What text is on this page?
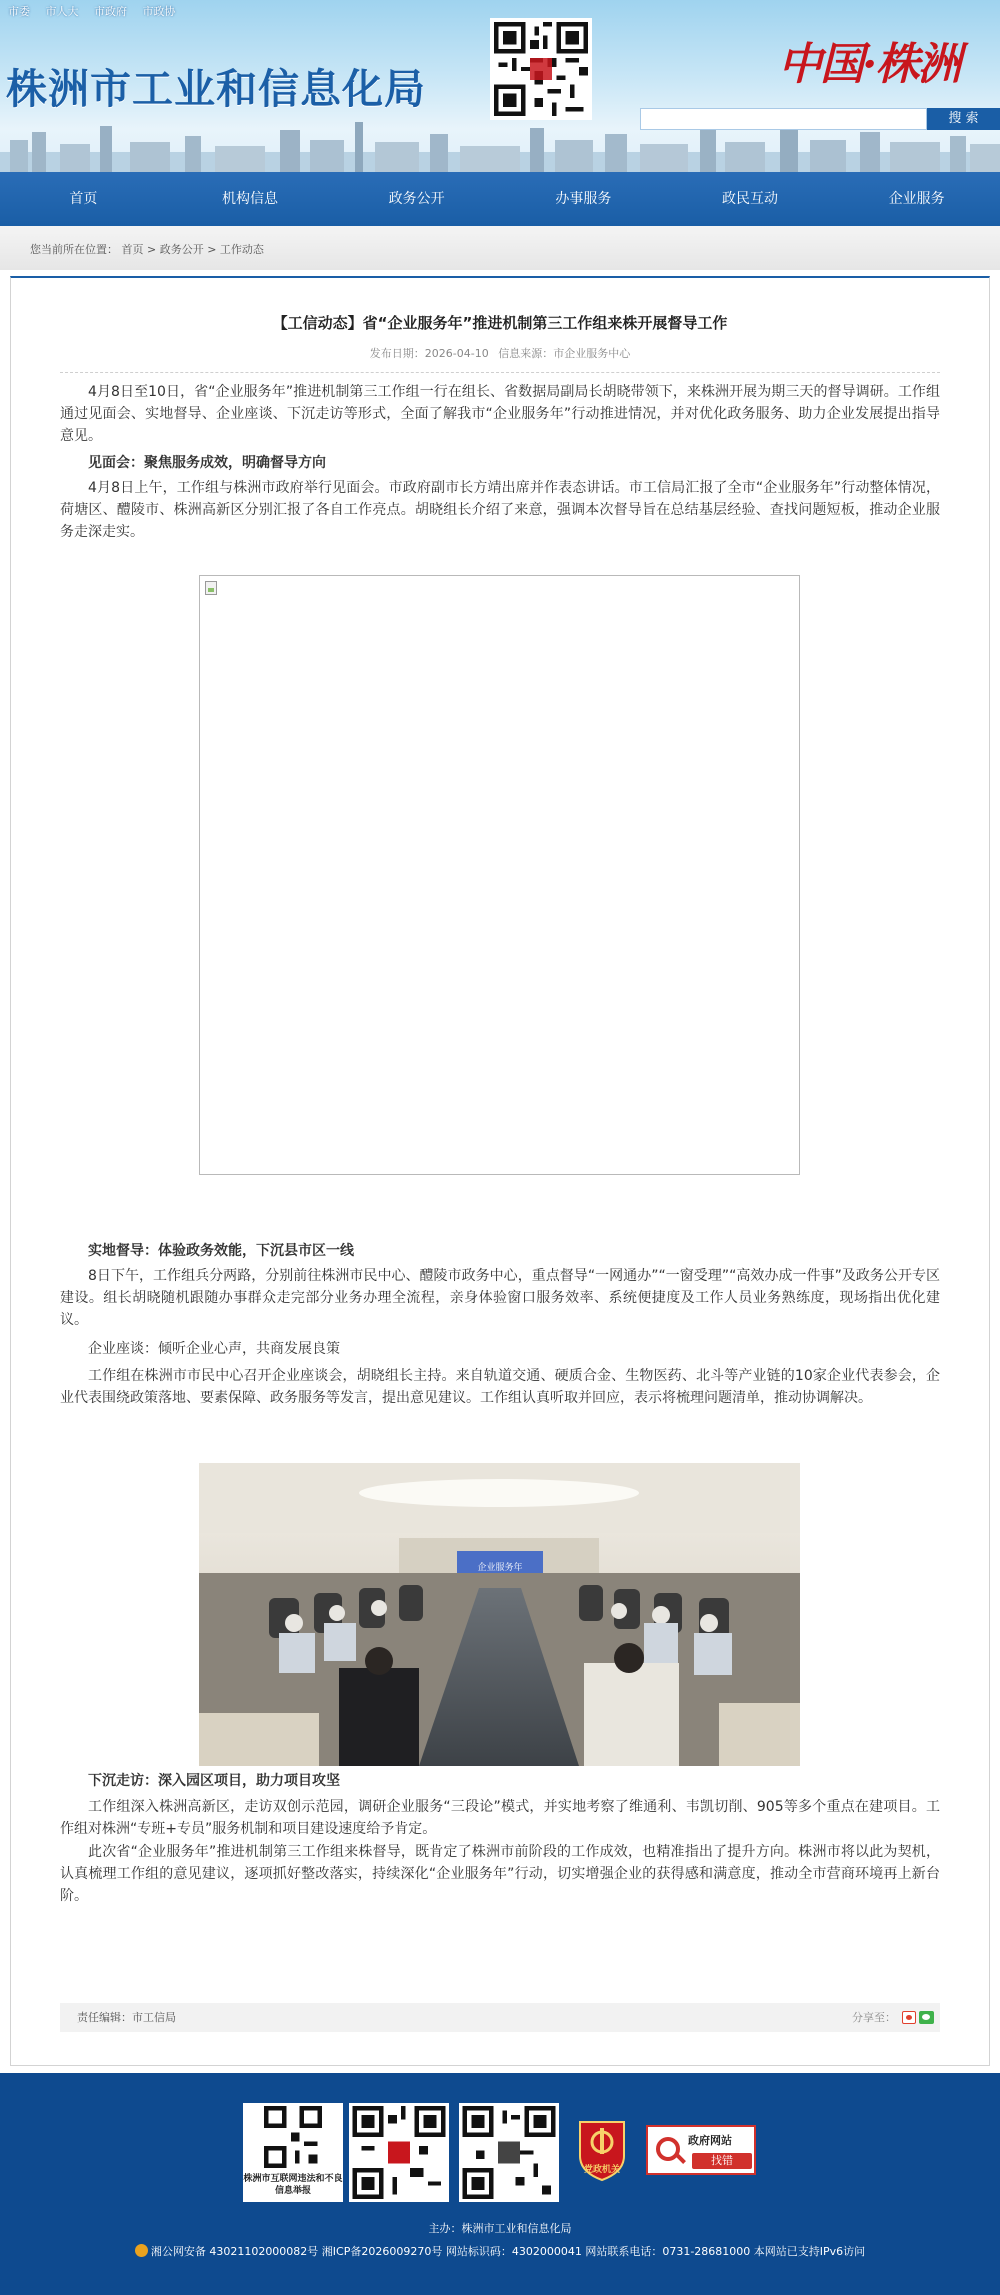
市委 市人大 市政府 市政协
株洲市工业和信息化局	中国·株洲
搜 索
首页	机构信息	政务公开	办事服务	政民互动	企业服务
您当前所在位置： 首页 > 政务公开 > 工作动态
【工信动态】省“企业服务年”推进机制第三工作组来株开展督导工作
发布日期：2026-04-10 信息来源：市企业服务中心
4月8日至10日，省“企业服务年”推进机制第三工作组一行在组长、省数据局副局长胡晓带领下，来株洲开展为期三天的督导调研。工作组通过见面会、实地督导、企业座谈、下沉走访等形式，全面了解我市“企业服务年”行动推进情况，并对优化政务服务、助力企业发展提出指导意见。
见面会：聚焦服务成效，明确督导方向
4月8日上午，工作组与株洲市政府举行见面会。市政府副市长方靖出席并作表态讲话。市工信局汇报了全市“企业服务年”行动整体情况，荷塘区、醴陵市、株洲高新区分别汇报了各自工作亮点。胡晓组长介绍了来意，强调本次督导旨在总结基层经验、查找问题短板，推动企业服务走深走实。
实地督导：体验政务效能，下沉县市区一线
8日下午，工作组兵分两路，分别前往株洲市民中心、醴陵市政务中心，重点督导“一网通办”“一窗受理”“高效办成一件事”及政务公开专区建设。组长胡晓随机跟随办事群众走完部分业务办理全流程，亲身体验窗口服务效率、系统便捷度及工作人员业务熟练度，现场指出优化建议。
企业座谈：倾听企业心声，共商发展良策
工作组在株洲市市民中心召开企业座谈会，胡晓组长主持。来自轨道交通、硬质合金、生物医药、北斗等产业链的10家企业代表参会，企业代表围绕政策落地、要素保障、政务服务等发言，提出意见建议。工作组认真听取并回应，表示将梳理问题清单，推动协调解决。
企业服务年
下沉走访：深入园区项目，助力项目攻坚
工作组深入株洲高新区，走访双创示范园，调研企业服务“三段论”模式，并实地考察了维通利、韦凯切削、905等多个重点在建项目。工作组对株洲“专班+专员”服务机制和项目建设速度给予肯定。
此次省“企业服务年”推进机制第三工作组来株督导，既肯定了株洲市前阶段的工作成效，也精准指出了提升方向。株洲市将以此为契机，认真梳理工作组的意见建议，逐项抓好整改落实，持续深化“企业服务年”行动，切实增强企业的获得感和满意度，推动全市营商环境再上新台阶。
责任编辑：市工信局	分享至：
株洲市互联网违法和不良信息举报
党政机关
政府网站
找错
主办：株洲市工业和信息化局
湘公网安备 43021102000082号 湘ICP备2026009270号 网站标识码：4302000041 网站联系电话：0731-28681000 本网站已支持IPv6访问
